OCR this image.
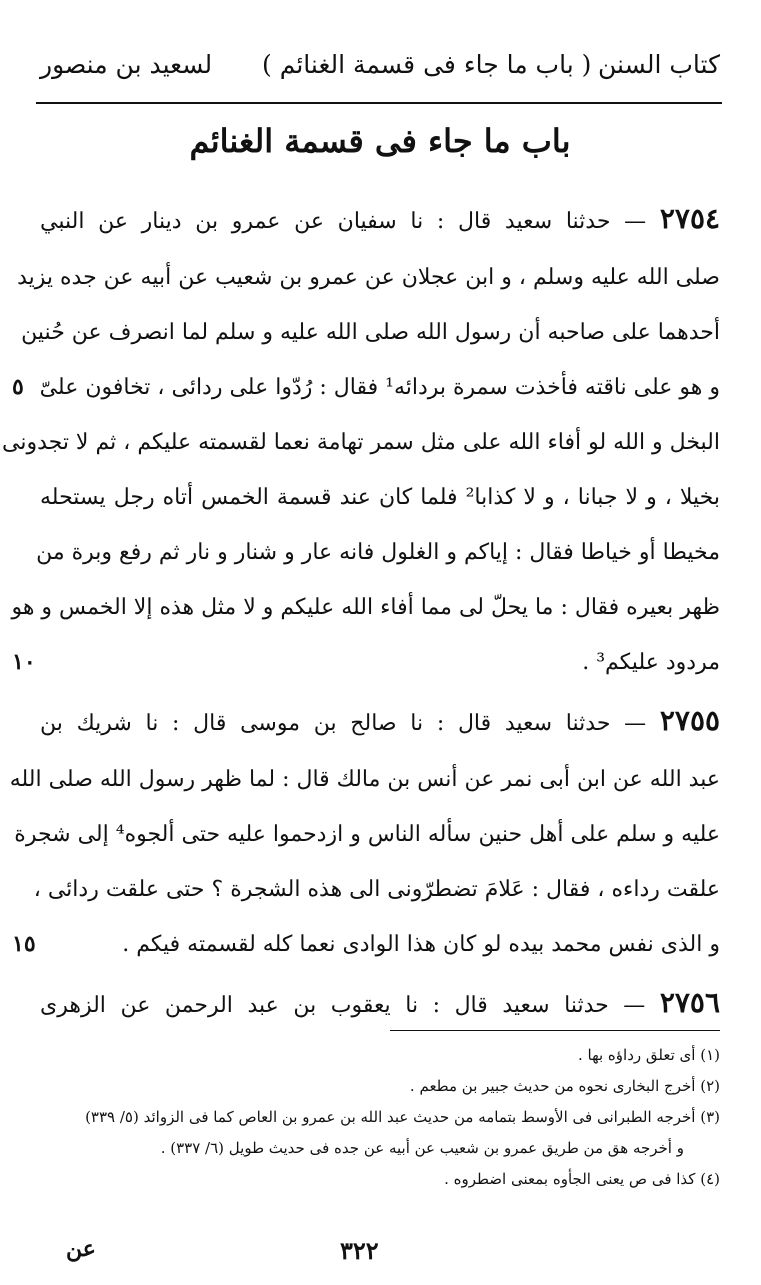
كتاب السنن
( باب ما جاء فى قسمة الغنائم )
لسعيد بن منصور
باب ما جاء فى قسمة الغنائم
٢٧٥٤ — حدثنا سعيد قال : نا سفيان عن عمرو بن دينار عن النبي
صلى الله عليه وسلم ، و ابن عجلان عن عمرو بن شعيب عن أبيه عن جده يزيد
أحدهما على صاحبه أن رسول الله صلى الله عليه و سلم لما انصرف عن حُنين
٥ و هو على ناقته فأخذت سمرة بردائه¹ فقال : رُدّوا على ردائى ، تخافون علىّ
البخل و الله لو أفاء الله على مثل سمر تهامة نعما لقسمته عليكم ، ثم لا تجدونى
بخيلا ، و لا جبانا ، و لا كذابا² فلما كان عند قسمة الخمس أتاه رجل يستحله
مخيطا أو خياطا فقال : إياكم و الغلول فانه عار و شنار و نار ثم رفع وبرة من
ظهر بعيره فقال : ما يحلّ لى مما أفاء الله عليكم و لا مثل هذه إلا الخمس و هو
١٠	مردود عليكم³ .
٢٧٥٥ — حدثنا سعيد قال : نا صالح بن موسى قال : نا شريك بن
عبد الله عن ابن أبى نمر عن أنس بن مالك قال : لما ظهر رسول الله صلى الله
عليه و سلم على أهل حنين سأله الناس و ازدحموا عليه حتى ألجوه⁴ إلى شجرة
علقت رداءه ، فقال : عَلامَ تضطرّونى الى هذه الشجرة ؟ حتى علقت ردائى ،
١٥	و الذى نفس محمد بيده لو كان هذا الوادى نعما كله لقسمته فيكم .
٢٧٥٦ — حدثنا سعيد قال : نا يعقوب بن عبد الرحمن عن الزهرى
(١) أى تعلق رداؤه بها .
(٢) أخرج البخارى نحوه من حديث جبير بن مطعم .
(٣) أخرجه الطبرانى فى الأوسط بتمامه من حديث عبد الله بن عمرو بن العاص كما فى الزوائد (٥/ ٣٣٩)
و أخرجه هق من طريق عمرو بن شعيب عن أبيه عن جده فى حديث طويل (٦/ ٣٣٧) .
(٤) كذا فى ص يعنى الجأوه بمعنى اضطروه .
عن	٣٢٢
